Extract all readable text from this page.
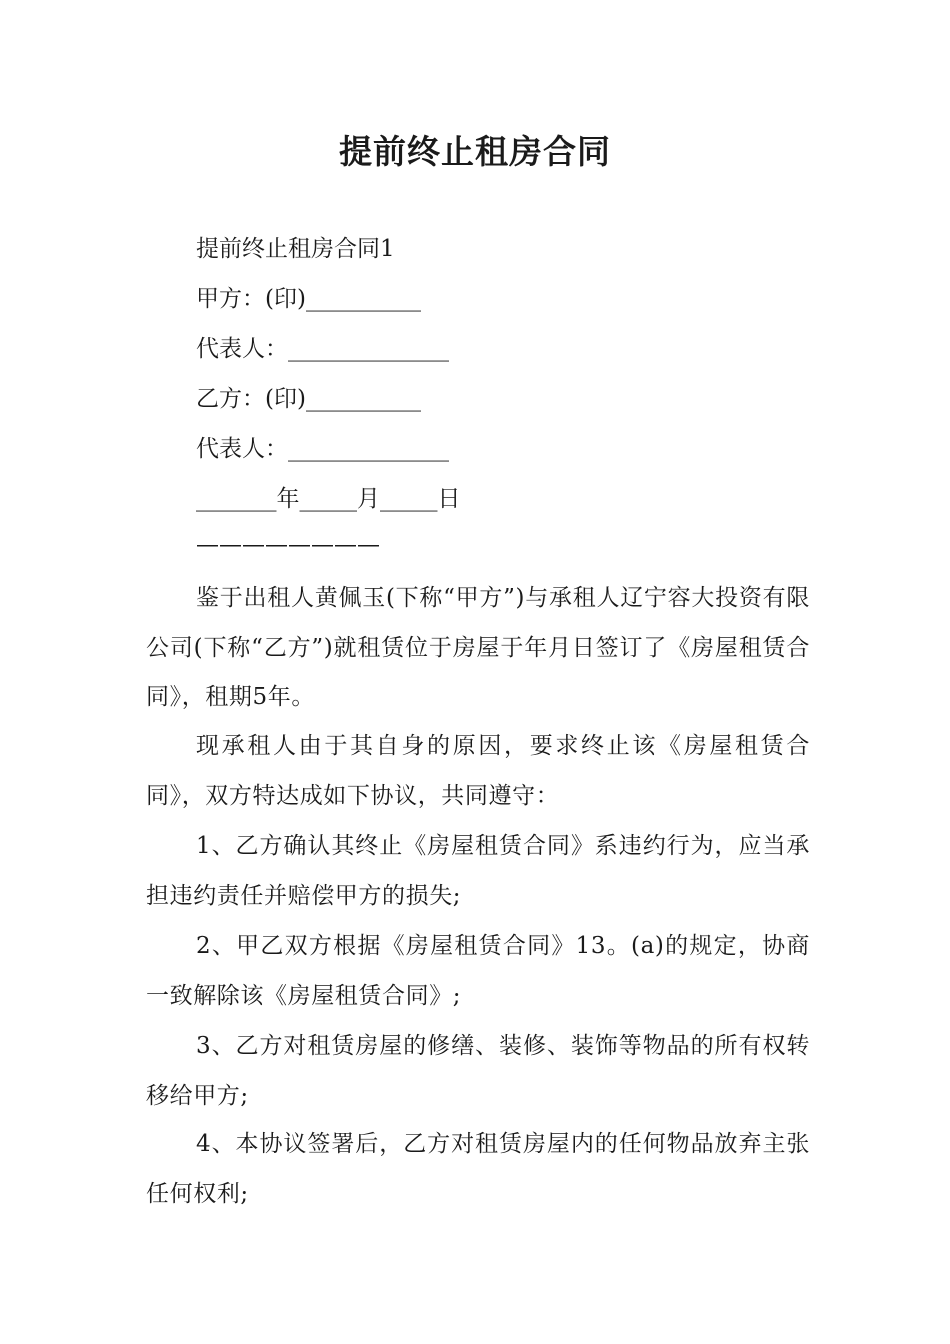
提前终止租房合同
提前终止租房合同1
甲方：(印)__________
代表人：______________
乙方：(印)__________
代表人：______________
_______年_____月_____日
————————
鉴于出租人黄佩玉(下称“甲方”)与承租人辽宁容大投资有限公司(下称“乙方”)就租赁位于房屋于年月日签订了《房屋租赁合同》，租期5年。
现承租人由于其自身的原因，要求终止该《房屋租赁合同》，双方特达成如下协议，共同遵守：
1、乙方确认其终止《房屋租赁合同》系违约行为，应当承担违约责任并赔偿甲方的损失;
2、甲乙双方根据《房屋租赁合同》13。(a)的规定，协商一致解除该《房屋租赁合同》;
3、乙方对租赁房屋的修缮、装修、装饰等物品的所有权转移给甲方;
4、本协议签署后，乙方对租赁房屋内的任何物品放弃主张任何权利;
